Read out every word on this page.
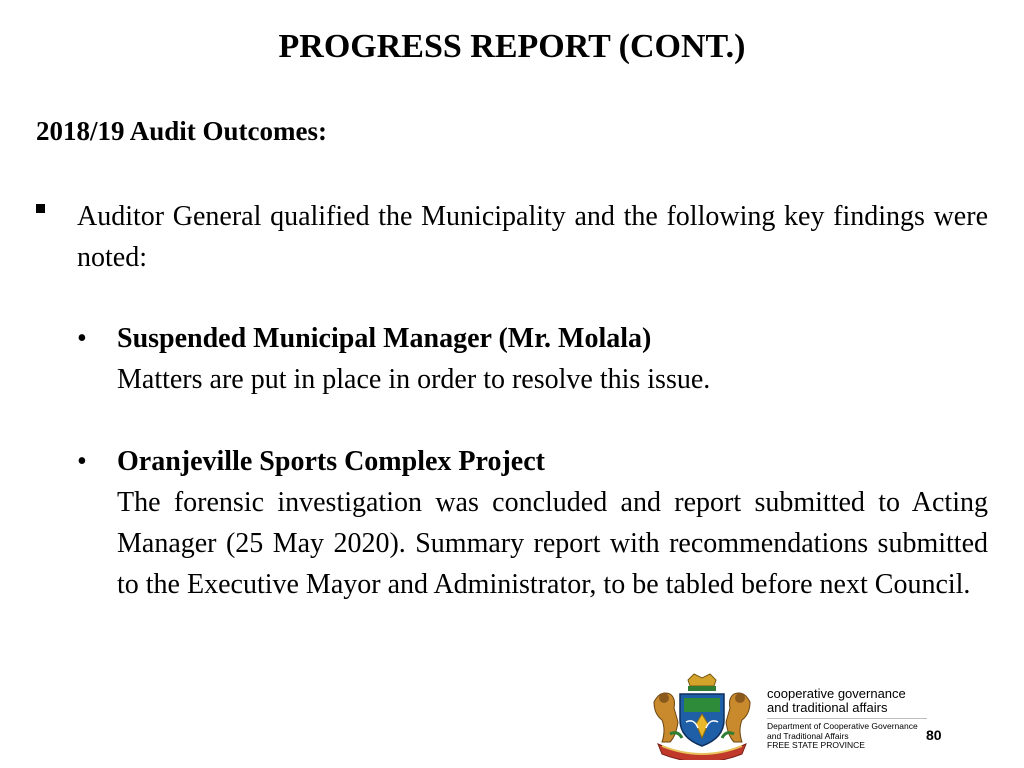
PROGRESS REPORT (CONT.)
2018/19 Audit Outcomes:
Auditor General qualified the Municipality and the following key findings were noted:
• Suspended Municipal Manager (Mr. Molala)
Matters are put in place in order to resolve this issue.
• Oranjeville Sports Complex Project
The forensic investigation was concluded and report submitted to Acting Manager (25 May 2020). Summary report with recommendations submitted to the Executive Mayor and Administrator, to be tabled before next Council.
cooperative governance
and traditional affairs
Department of Cooperative Governance
and Traditional Affairs
FREE STATE PROVINCE
80
